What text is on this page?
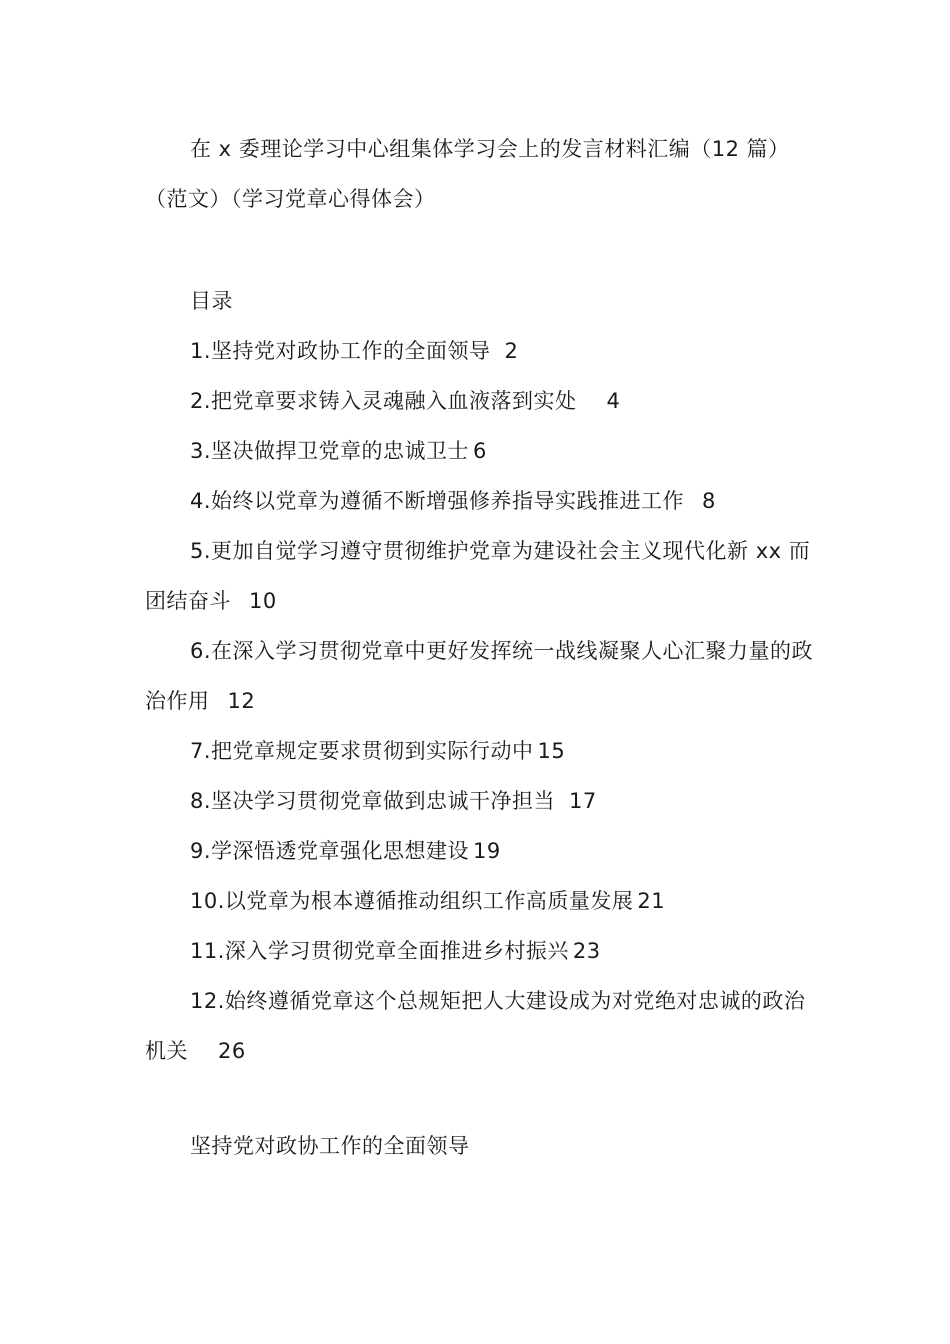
在 x 委理论学习中心组集体学习会上的发言材料汇编（12 篇）（范文）（学习党章心得体会）

目录

1.坚持党对政协工作的全面领导 2

2.把党章要求铸入灵魂融入血液落到实处 4

3.坚决做捍卫党章的忠诚卫士 6

4.始终以党章为遵循不断增强修养指导实践推进工作 8

5.更加自觉学习遵守贯彻维护党章为建设社会主义现代化新 xx 而团结奋斗 10

6.在深入学习贯彻党章中更好发挥统一战线凝聚人心汇聚力量的政治作用 12

7.把党章规定要求贯彻到实际行动中 15

8.坚决学习贯彻党章做到忠诚干净担当 17

9.学深悟透党章强化思想建设 19

10.以党章为根本遵循推动组织工作高质量发展 21

11.深入学习贯彻党章全面推进乡村振兴 23

12.始终遵循党章这个总规矩把人大建设成为对党绝对忠诚的政治机关 26

坚持党对政协工作的全面领导
